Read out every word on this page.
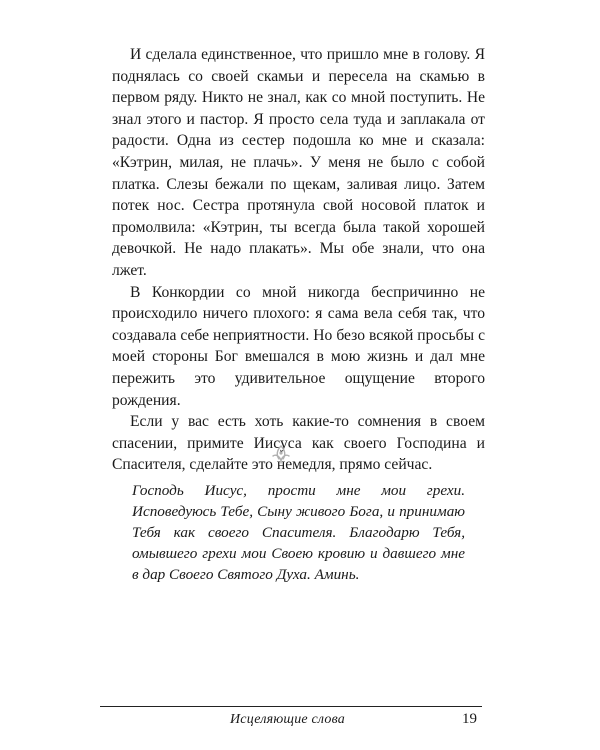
И сделала единственное, что пришло мне в голову. Я поднялась со своей скамьи и пересела на скамью в первом ряду. Никто не знал, как со мной поступить. Не знал этого и пастор. Я просто села туда и заплакала от радости. Одна из сестер подошла ко мне и сказала: «Кэтрин, милая, не плачь». У меня не было с собой платка. Слезы бежали по щекам, заливая лицо. Затем потек нос. Сестра протянула свой носовой платок и промолвила: «Кэтрин, ты всегда была такой хорошей девочкой. Не надо плакать». Мы обе знали, что она лжет.

В Конкордии со мной никогда беспричинно не происходило ничего плохого: я сама вела себя так, что создавала себе неприятности. Но безо всякой просьбы с моей стороны Бог вмешался в мою жизнь и дал мне пережить это удивительное ощущение второго рождения.

Если у вас есть хоть какие-то сомнения в своем спасении, примите Иисуса как своего Господина и Спасителя, сделайте это немедля, прямо сейчас.

Господь Иисус, прости мне мои грехи. Исповедуюсь Тебе, Сыну живого Бога, и принимаю Тебя как своего Спасителя. Благодарю Тебя, омывшего грехи мои Своею кровию и давшего мне в дар Своего Святого Духа. Аминь.
Исцеляющие слова	19
